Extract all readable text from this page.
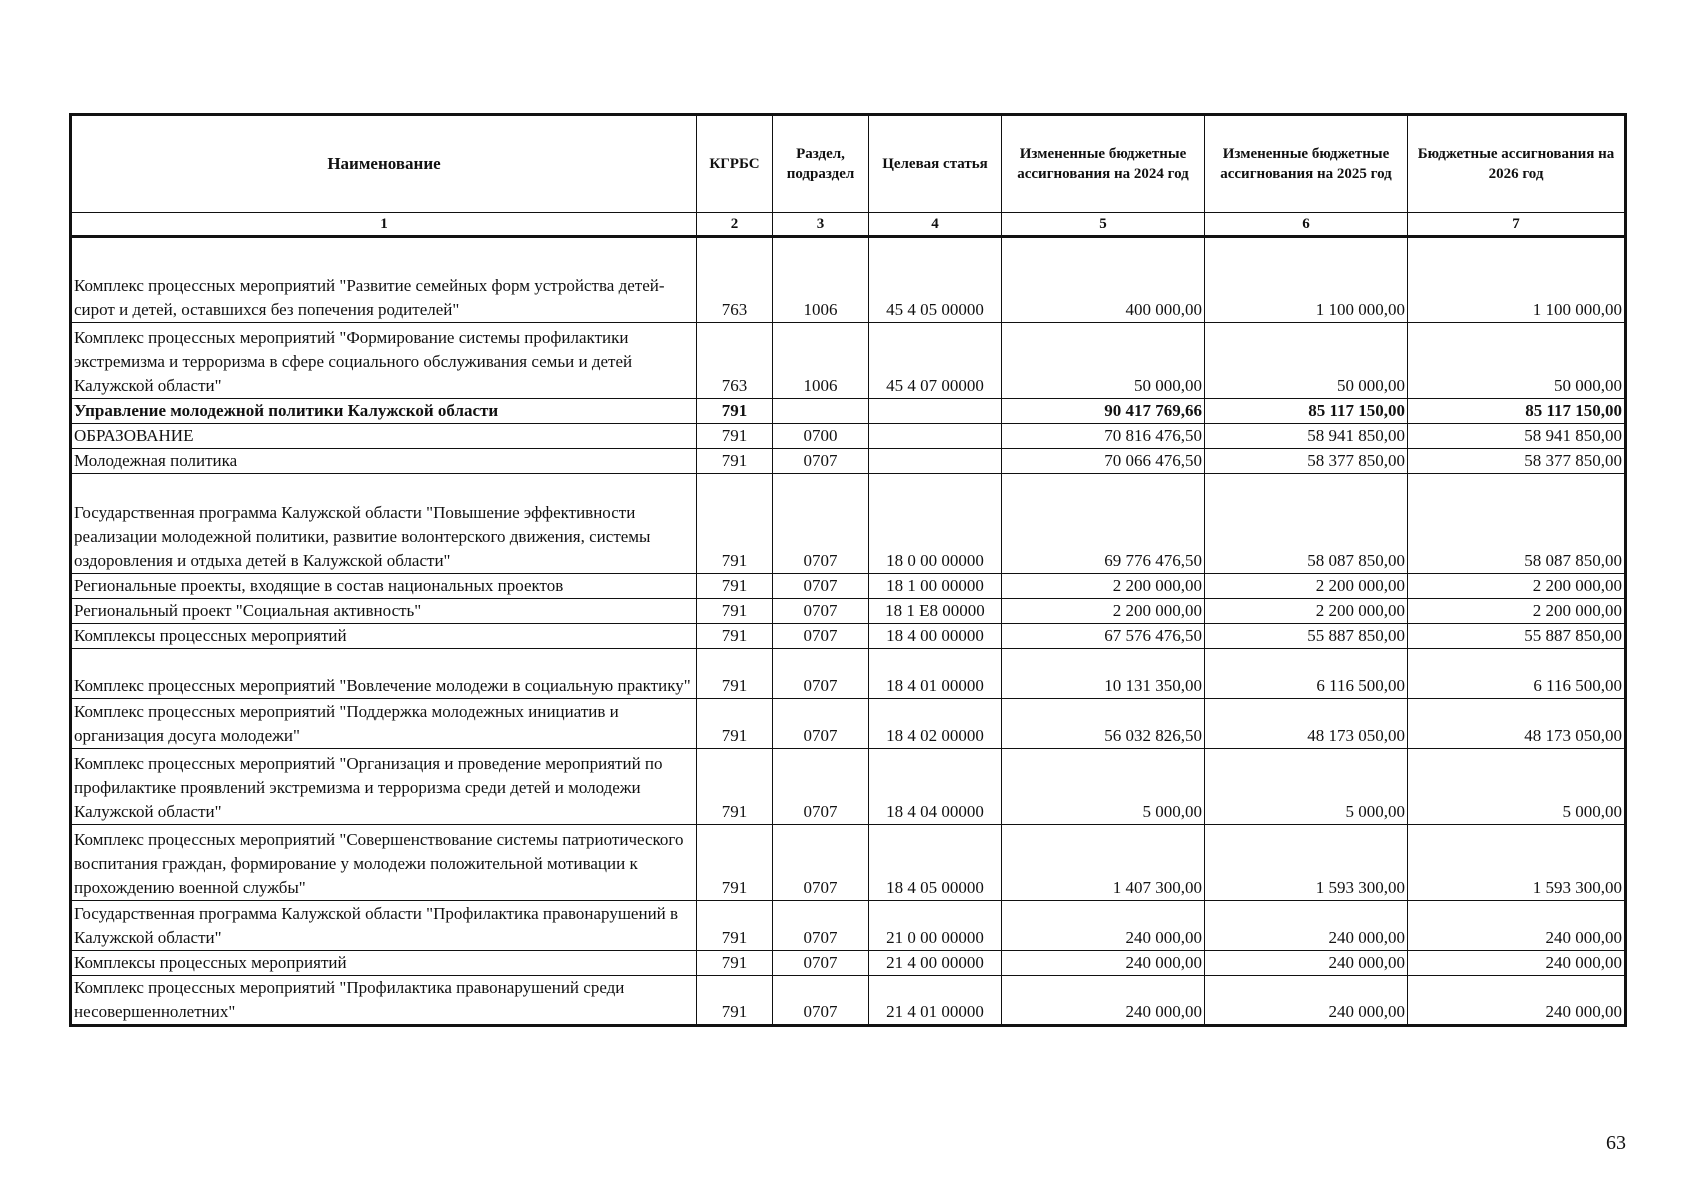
Наименование	КГРБС	Раздел, подраздел	Целевая статья	Измененные бюджетные ассигнования на 2024 год	Измененные бюджетные ассигнования на 2025 год	Бюджетные ассигнования на 2026 год
1	2	3	4	5	6	7
Комплекс процессных мероприятий "Развитие семейных форм устройства детей-сирот и детей, оставшихся без попечения родителей"	763	1006	45 4 05 00000	400 000,00	1 100 000,00	1 100 000,00
Комплекс процессных мероприятий "Формирование системы профилактики экстремизма и терроризма в сфере социального обслуживания семьи и детей Калужской области"	763	1006	45 4 07 00000	50 000,00	50 000,00	50 000,00
Управление молодежной политики Калужской области	791			90 417 769,66	85 117 150,00	85 117 150,00
ОБРАЗОВАНИЕ	791	0700		70 816 476,50	58 941 850,00	58 941 850,00
Молодежная политика	791	0707		70 066 476,50	58 377 850,00	58 377 850,00
Государственная программа Калужской области "Повышение эффективности реализации молодежной политики, развитие волонтерского движения, системы оздоровления и отдыха детей в Калужской области"	791	0707	18 0 00 00000	69 776 476,50	58 087 850,00	58 087 850,00
Региональные проекты, входящие в состав национальных проектов	791	0707	18 1 00 00000	2 200 000,00	2 200 000,00	2 200 000,00
Региональный проект "Социальная активность"	791	0707	18 1 E8 00000	2 200 000,00	2 200 000,00	2 200 000,00
Комплексы процессных мероприятий	791	0707	18 4 00 00000	67 576 476,50	55 887 850,00	55 887 850,00
Комплекс процессных мероприятий "Вовлечение молодежи в социальную практику"	791	0707	18 4 01 00000	10 131 350,00	6 116 500,00	6 116 500,00
Комплекс процессных мероприятий "Поддержка молодежных инициатив и организация досуга молодежи"	791	0707	18 4 02 00000	56 032 826,50	48 173 050,00	48 173 050,00
Комплекс процессных мероприятий "Организация и проведение мероприятий по профилактике проявлений экстремизма и терроризма среди детей и молодежи Калужской области"	791	0707	18 4 04 00000	5 000,00	5 000,00	5 000,00
Комплекс процессных мероприятий "Совершенствование системы патриотического воспитания граждан, формирование у молодежи положительной мотивации к прохождению военной службы"	791	0707	18 4 05 00000	1 407 300,00	1 593 300,00	1 593 300,00
Государственная программа Калужской области "Профилактика правонарушений в Калужской области"	791	0707	21 0 00 00000	240 000,00	240 000,00	240 000,00
Комплексы процессных мероприятий	791	0707	21 4 00 00000	240 000,00	240 000,00	240 000,00
Комплекс процессных мероприятий "Профилактика правонарушений среди несовершеннолетних"	791	0707	21 4 01 00000	240 000,00	240 000,00	240 000,00
63
